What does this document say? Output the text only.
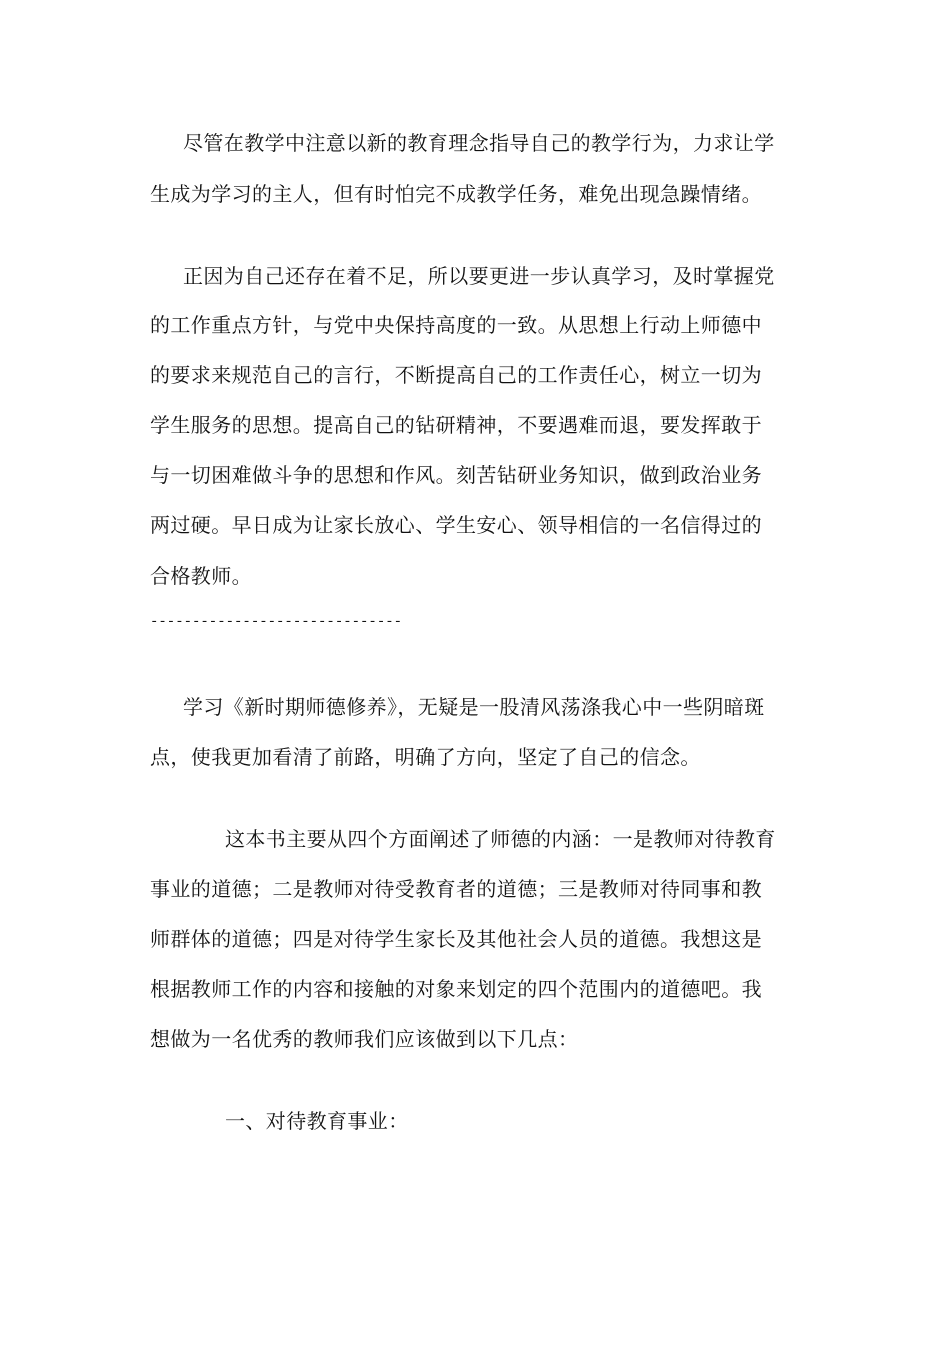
尽管在教学中注意以新的教育理念指导自己的教学行为，力求让学
生成为学习的主人，但有时怕完不成教学任务，难免出现急躁情绪。
正因为自己还存在着不足，所以要更进一步认真学习，及时掌握党
的工作重点方针，与党中央保持高度的一致。从思想上行动上师德中
的要求来规范自己的言行，不断提高自己的工作责任心，树立一切为
学生服务的思想。提高自己的钻研精神，不要遇难而退，要发挥敢于
与一切困难做斗争的思想和作风。刻苦钻研业务知识，做到政治业务
两过硬。早日成为让家长放心、学生安心、领导相信的一名信得过的
合格教师。
------------------------------
学习《新时期师德修养》，无疑是一股清风荡涤我心中一些阴暗斑
点，使我更加看清了前路，明确了方向，坚定了自己的信念。
这本书主要从四个方面阐述了师德的内涵：一是教师对待教育
事业的道德；二是教师对待受教育者的道德；三是教师对待同事和教
师群体的道德；四是对待学生家长及其他社会人员的道德。我想这是
根据教师工作的内容和接触的对象来划定的四个范围内的道德吧。我
想做为一名优秀的教师我们应该做到以下几点：
一、对待教育事业：
